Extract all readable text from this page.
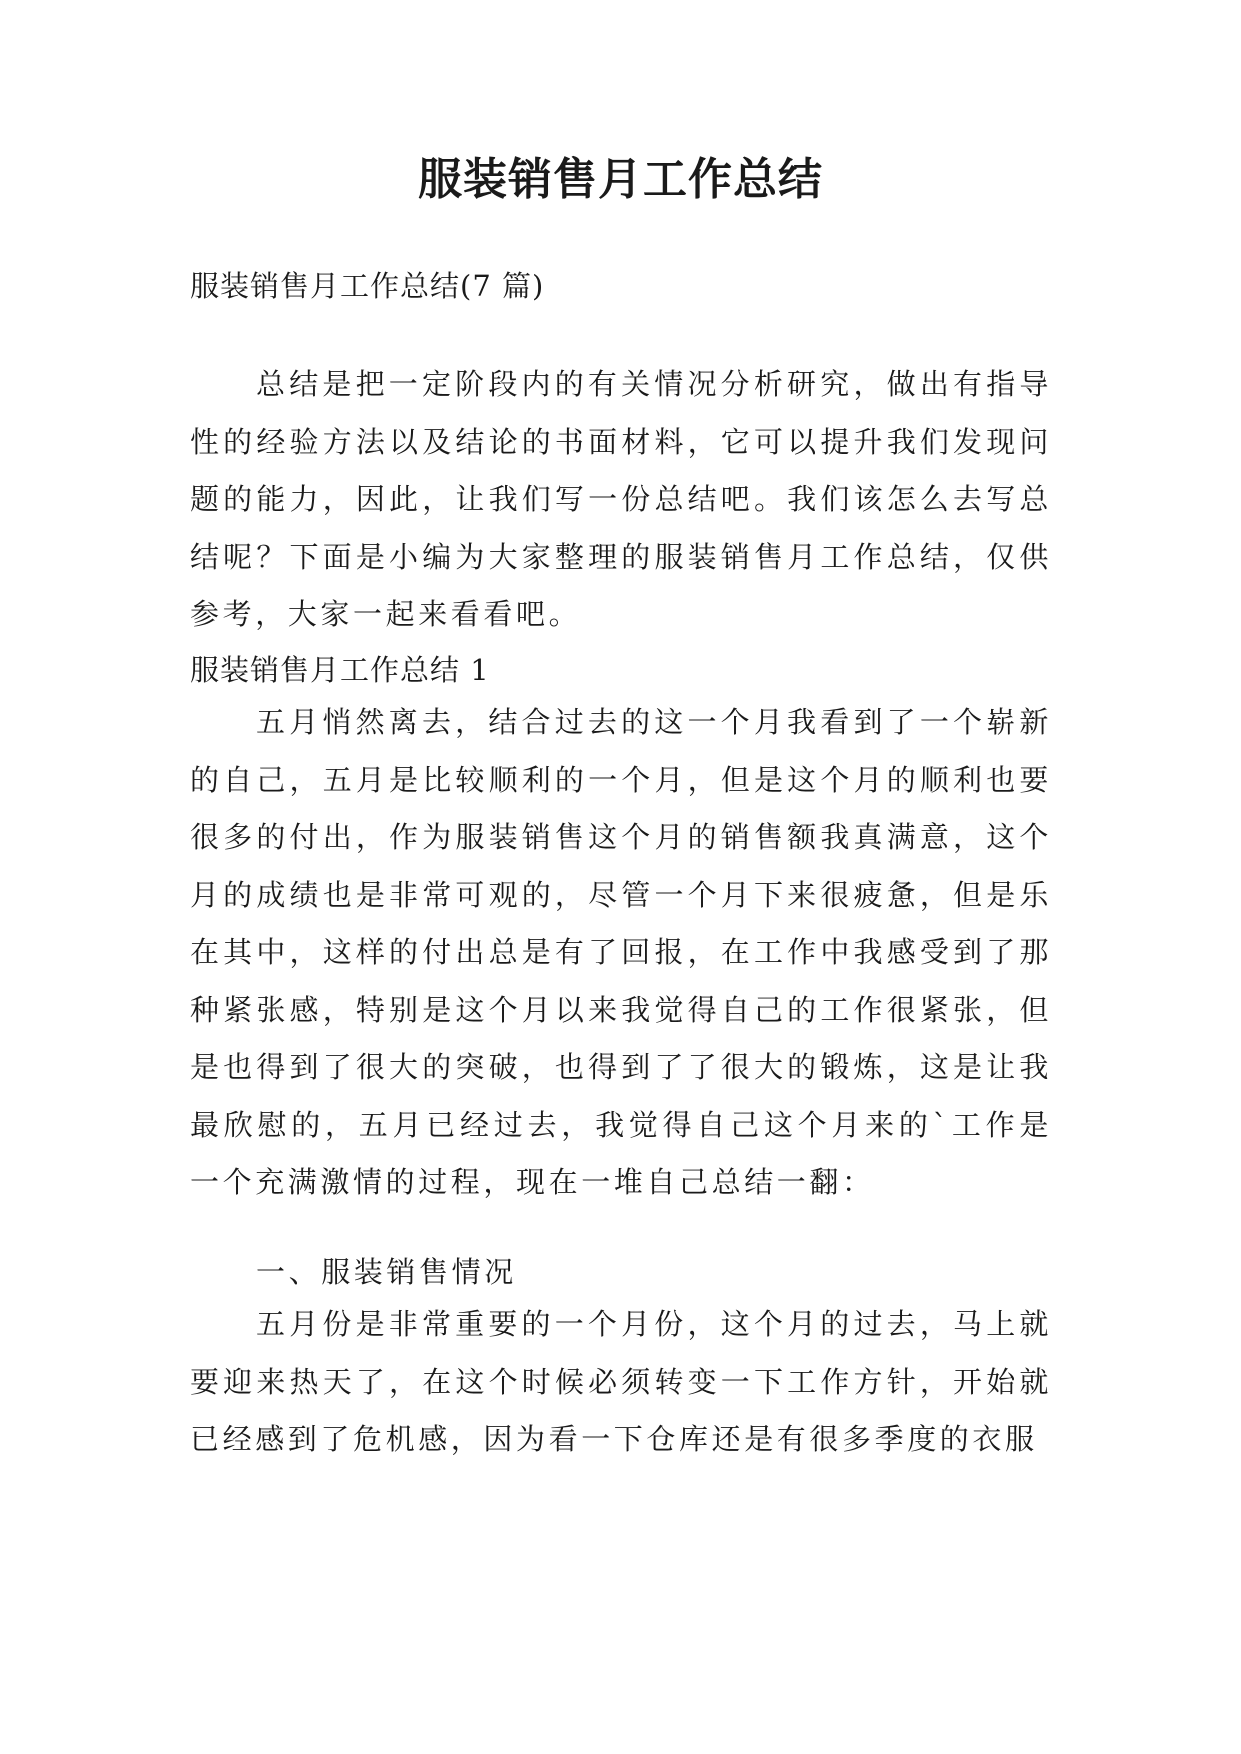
服装销售月工作总结
服装销售月工作总结(7 篇)

总结是把一定阶段内的有关情况分析研究，做出有指导性的经验方法以及结论的书面材料，它可以提升我们发现问题的能力，因此，让我们写一份总结吧。我们该怎么去写总结呢？下面是小编为大家整理的服装销售月工作总结，仅供参考，大家一起来看看吧。

服装销售月工作总结 1

五月悄然离去，结合过去的这一个月我看到了一个崭新的自己，五月是比较顺利的一个月，但是这个月的顺利也要很多的付出，作为服装销售这个月的销售额我真满意，这个月的成绩也是非常可观的，尽管一个月下来很疲惫，但是乐在其中，这样的付出总是有了回报，在工作中我感受到了那种紧张感，特别是这个月以来我觉得自己的工作很紧张，但是也得到了很大的突破，也得到了了很大的锻炼，这是让我最欣慰的，五月已经过去，我觉得自己这个月来的`工作是一个充满激情的过程，现在一堆自己总结一翻：

一、服装销售情况

五月份是非常重要的一个月份，这个月的过去，马上就要迎来热天了，在这个时候必须转变一下工作方针，开始就已经感到了危机感，因为看一下仓库还是有很多季度的衣服
